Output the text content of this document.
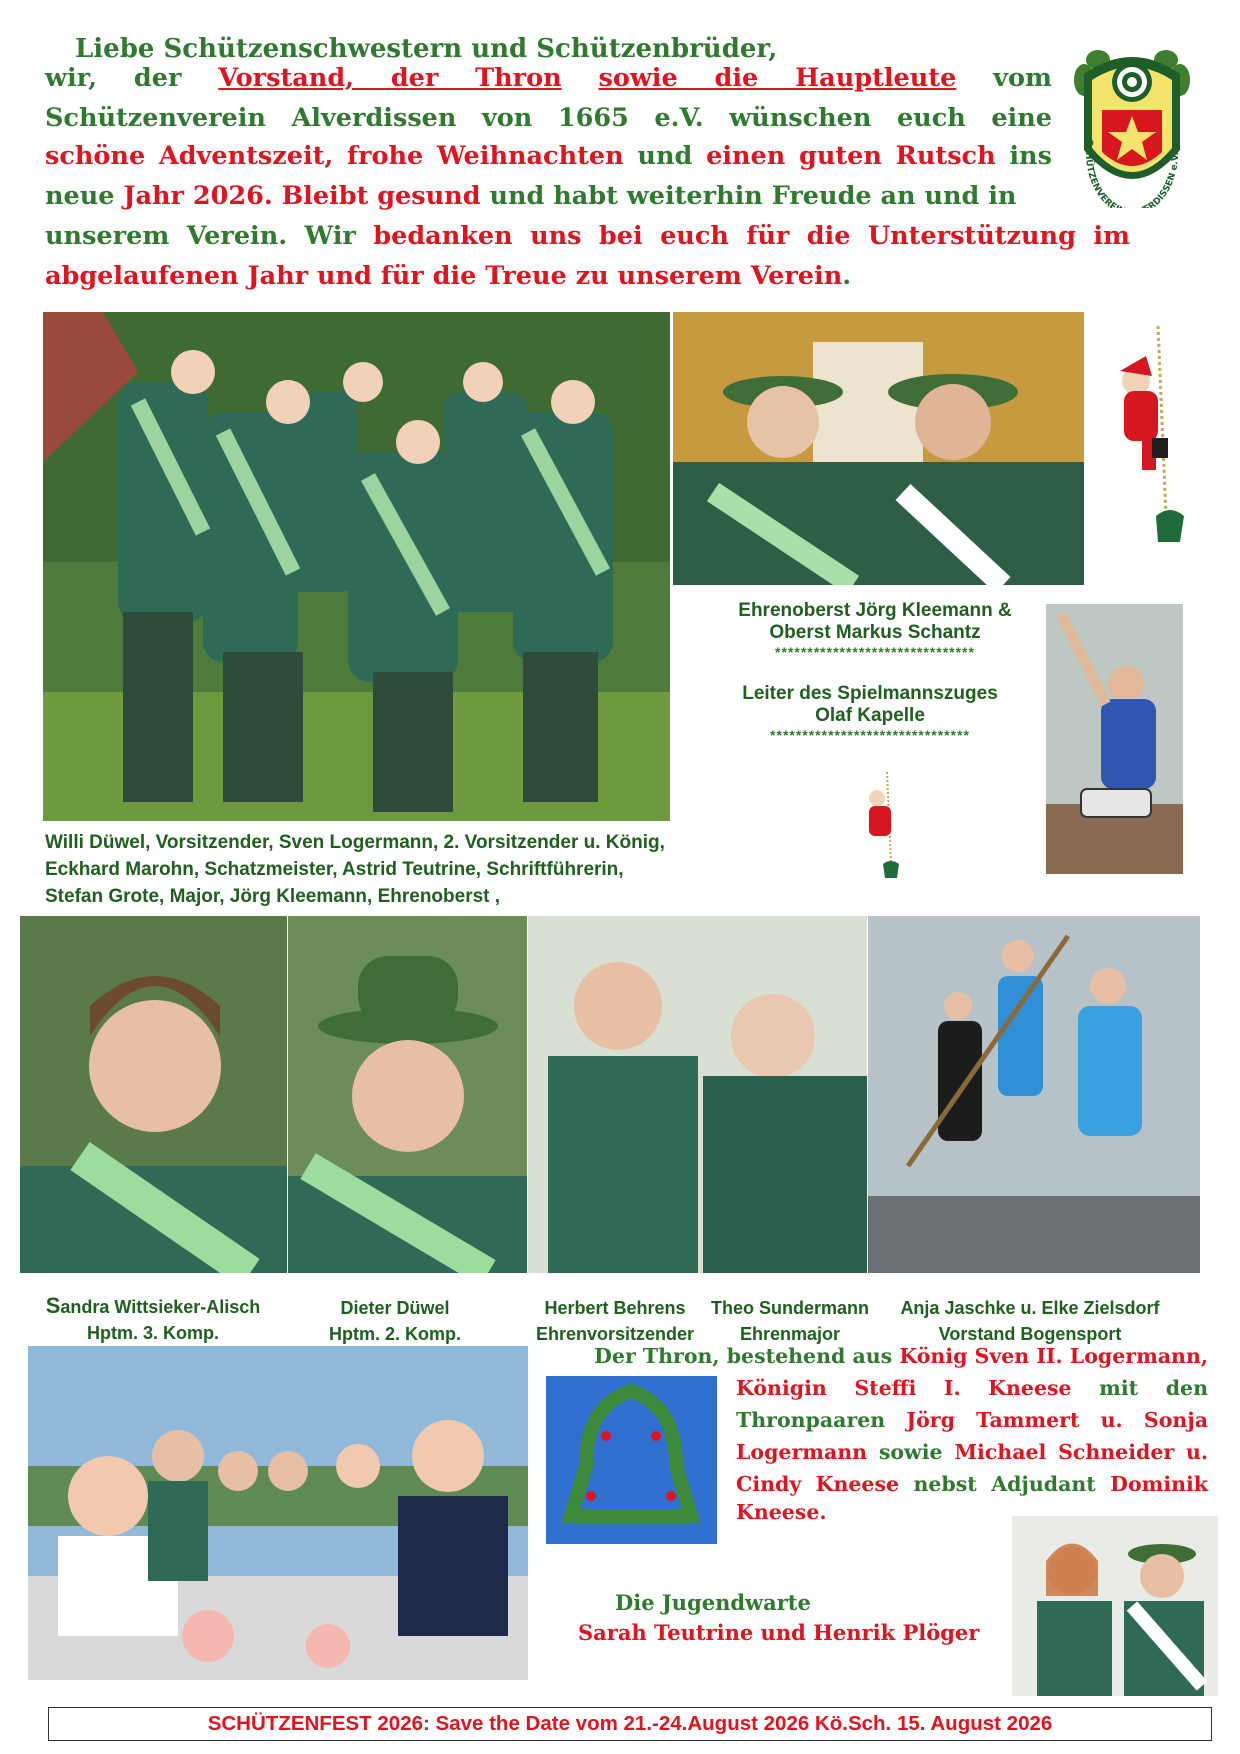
Liebe Schützenschwestern und Schützenbrüder,
wir, der Vorstand, der Thron sowie die Hauptleute vom
Schützenverein Alverdissen von 1665 e.V. wünschen euch eine
schöne Adventszeit, frohe Weihnachten und einen guten Rutsch ins
neue Jahr 2026. Bleibt gesund und habt weiterhin Freude an und in
unserem Verein. Wir bedanken uns bei euch für die Unterstützung im
abgelaufenen Jahr und für die Treue zu unserem Verein.
SCHÜTZENVERE RDISSEN e.V. v.
Ehrenoberst Jörg Kleemann &
Oberst Markus Schantz
*******************************
Leiter des Spielmannszuges
Olaf Kapelle
*******************************
Willi Düwel, Vorsitzender, Sven Logermann, 2. Vorsitzender u. König,
Eckhard Marohn, Schatzmeister, Astrid Teutrine, Schriftführerin,
Stefan Grote, Major, Jörg Kleemann, Ehrenoberst ,
Sandra Wittsieker-Alisch
Hptm. 3. Komp.
Dieter Düwel
Hptm. 2. Komp.
Herbert Behrens
Ehrenvorsitzender
Theo Sundermann
Ehrenmajor
Anja Jaschke u. Elke Zielsdorf
Vorstand Bogensport
Der Thron, bestehend aus König Sven II. Logermann,
Königin Steffi I. Kneese mit den Thronpaaren Jörg Tammert u. Sonja Logermann sowie Michael Schneider u. Cindy Kneese nebst Adjudant Dominik
Kneese.
Die Jugendwarte
Sarah Teutrine und Henrik Plöger
SCHÜTZENFEST 2026: Save the Date vom 21.-24.August 2026 Kö.Sch. 15. August 2026
